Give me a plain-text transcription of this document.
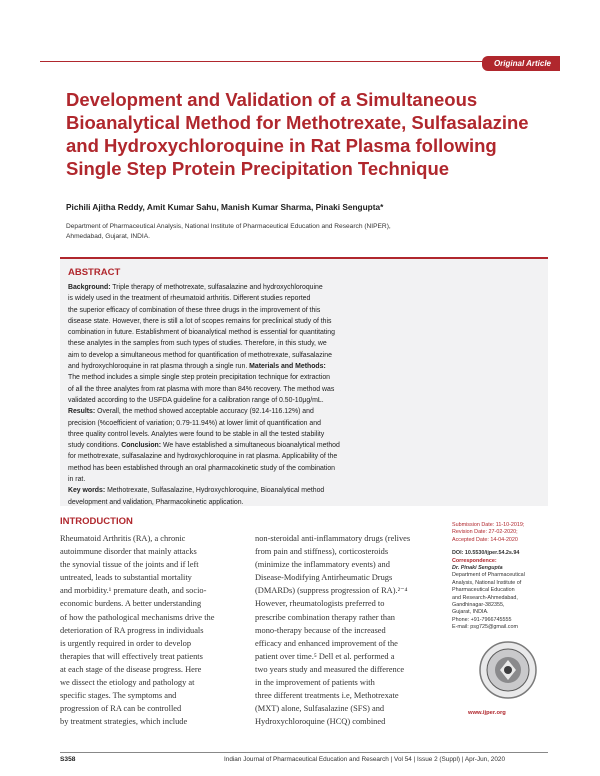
Original Article
Development and Validation of a Simultaneous
Bioanalytical Method for Methotrexate, Sulfasalazine
and Hydroxychloroquine in Rat Plasma following
Single Step Protein Precipitation Technique
Pichili Ajitha Reddy, Amit Kumar Sahu, Manish Kumar Sharma, Pinaki Sengupta*
Department of Pharmaceutical Analysis, National Institute of Pharmaceutical Education and Research (NIPER),
Ahmedabad, Gujarat, INDIA.
ABSTRACT
Background: Triple therapy of methotrexate, sulfasalazine and hydroxychloroquine
is widely used in the treatment of rheumatoid arthritis. Different studies reported
the superior efficacy of combination of these three drugs in the improvement of this
disease state. However, there is still a lot of scopes remains for preclinical study of this
combination in future. Establishment of bioanalytical method is essential for quantitating
these analytes in the samples from such types of studies. Therefore, in this study, we
aim to develop a simultaneous method for quantification of methotrexate, sulfasalazine
and hydroxychloroquine in rat plasma through a single run. Materials and Methods:
The method includes a simple single step protein precipitation technique for extraction
of all the three analytes from rat plasma with more than 84% recovery. The method was
validated according to the USFDA guideline for a calibration range of 0.50-10μg/mL.
Results: Overall, the method showed acceptable accuracy (92.14-116.12%) and
precision (%coefficient of variation; 0.79-11.94%) at lower limit of quantification and
three quality control levels. Analytes were found to be stable in all the tested stability
study conditions. Conclusion: We have established a simultaneous bioanalytical method
for methotrexate, sulfasalazine and hydroxychloroquine in rat plasma. Applicability of the
method has been established through an oral pharmacokinetic study of the combination
in rat.
Key words: Methotrexate, Sulfasalazine, Hydroxychloroquine, Bioanalytical method
development and validation, Pharmacokinetic application.
INTRODUCTION
Rheumatoid Arthritis (RA), a chronic
autoimmune disorder that mainly attacks
the synovial tissue of the joints and if left
untreated, leads to substantial mortality
and morbidity.¹ premature death, and socio-
economic burdens. A better understanding
of how the pathological mechanisms drive the
deterioration of RA progress in individuals
is urgently required in order to develop
therapies that will effectively treat patients
at each stage of the disease progress. Here
we dissect the etiology and pathology at
specific stages. The symptoms and
progression of RA can be controlled
by treatment strategies, which include
non-steroidal anti-inflammatory drugs (relives
from pain and stiffness), corticosteroids
(minimize the inflammatory events) and
Disease-Modifying Antirheumatic Drugs
(DMARDs) (suppress progression of RA).²⁻⁴
However, rheumatologists preferred to
prescribe combination therapy rather than
mono-therapy because of the increased
efficacy and enhanced improvement of the
patient over time.⁵ Dell et al. performed a
two years study and measured the difference
in the improvement of patients with
three different treatments i.e, Methotrexate
(MXT) alone, Sulfasalazine (SFS) and
Hydroxychloroquine (HCQ) combined
Submission Date: 11-10-2019;
Revision Date: 27-02-2020;
Accepted Date: 14-04-2020
DOI: 10.5530/ijper.54.2s.94
Correspondence:
Dr. Pinaki Sengupta
Department of Pharmaceutical
Analysis, National Institute of
Pharmaceutical Education
and Research-Ahmedabad,
Gandhinagar-382355,
Gujarat, INDIA.
Phone: +91-7966745555
E-mail: psg725@gmail.com
www.ijper.org
S358	Indian Journal of Pharmaceutical Education and Research | Vol 54 | Issue 2 (Suppl) | Apr-Jun, 2020
